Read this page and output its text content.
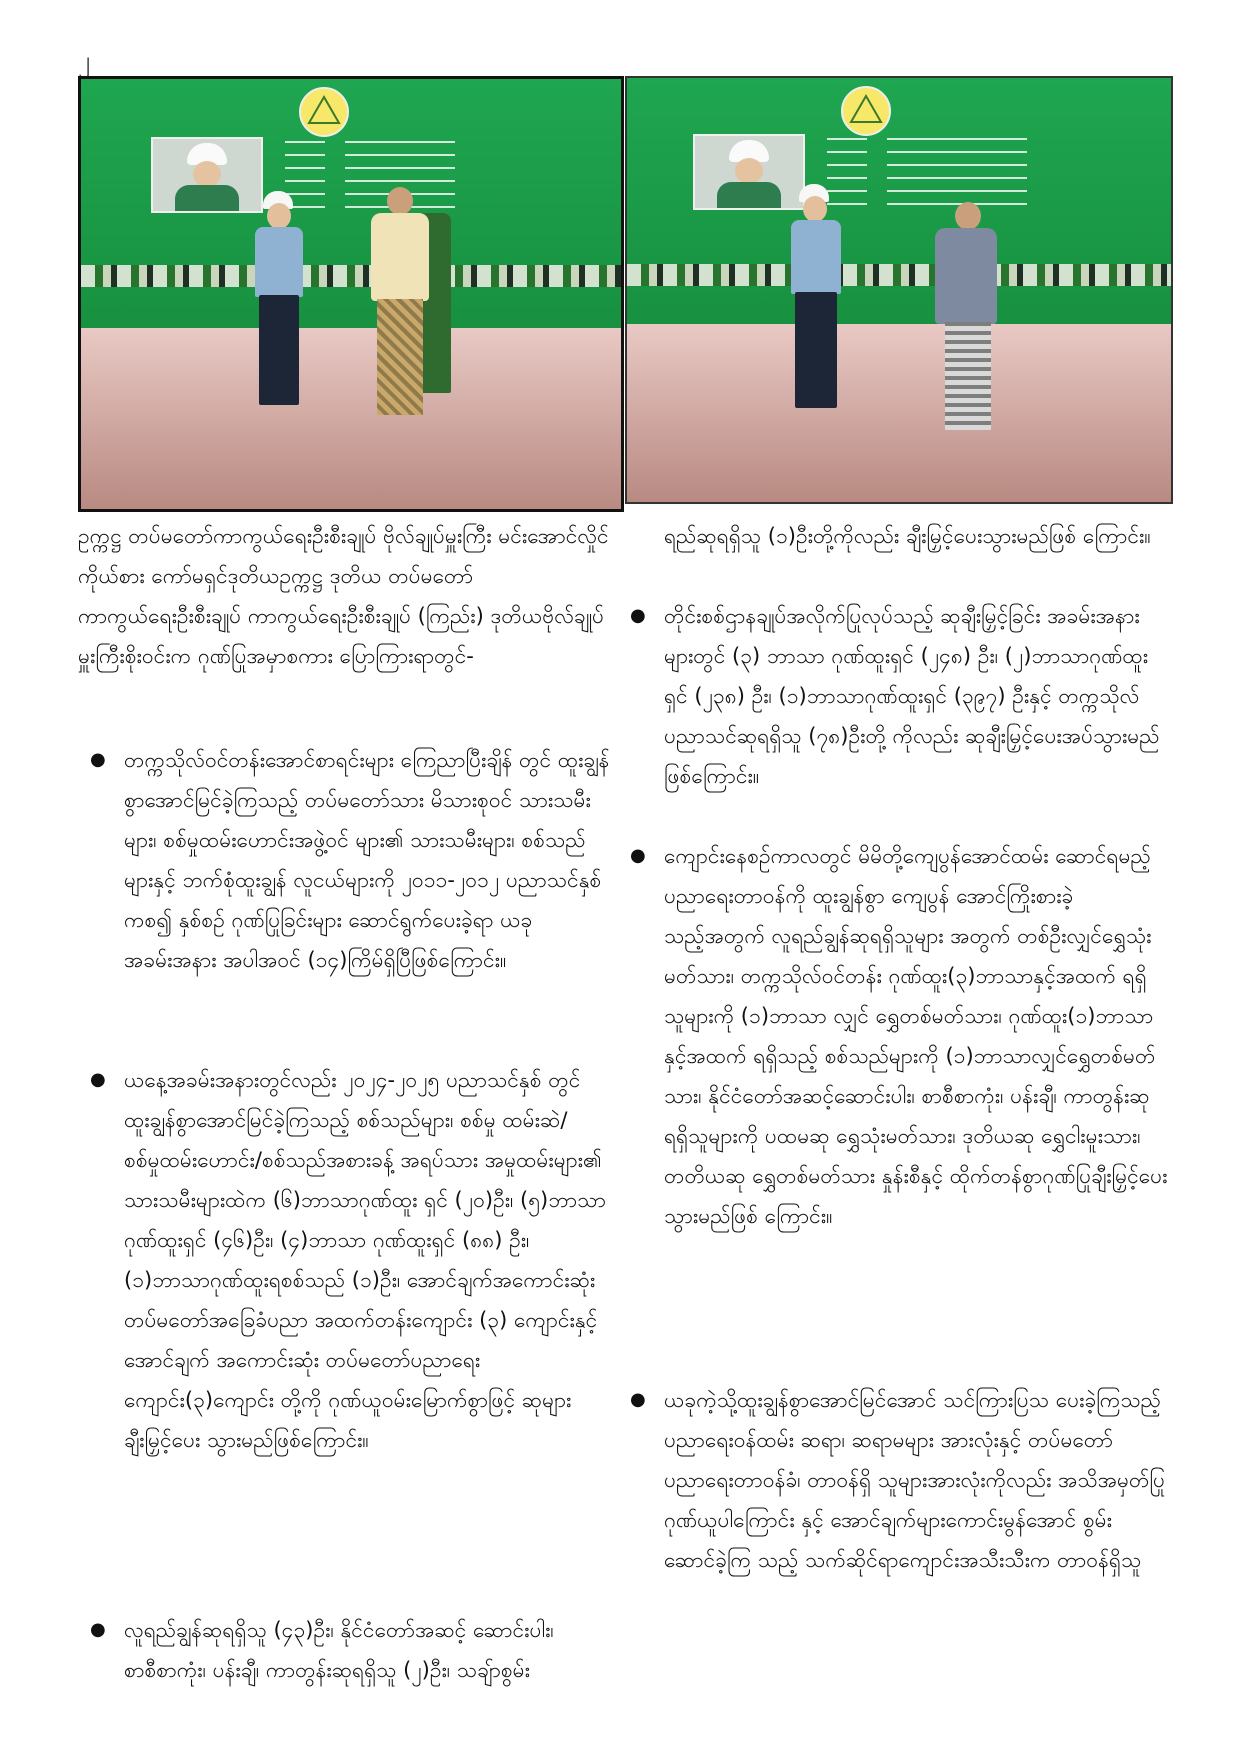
၂

ဥက္ကဋ္ဌ တပ်မတော်ကာကွယ်ရေးဦးစီးချုပ် ဗိုလ်ချုပ်မှူးကြီး မင်းအောင်လှိုင်ကိုယ်စား ကော်မရှင်ဒုတိယဥက္ကဋ္ဌ ဒုတိယ တပ်မတော်ကာကွယ်ရေးဦးစီးချုပ် ကာကွယ်ရေးဦးစီးချုပ် (ကြည်း) ဒုတိယဗိုလ်ချုပ်မှူးကြီးစိုးဝင်းက ဂုဏ်ပြုအမှာစကား ပြောကြားရာတွင်-

● တက္ကသိုလ်ဝင်တန်းအောင်စာရင်းများ ကြေညာပြီးချိန် တွင် ထူးချွန်စွာအောင်မြင်ခဲ့ကြသည့် တပ်မတော်သား မိသားစုဝင် သားသမီးများ၊ စစ်မှုထမ်းဟောင်းအဖွဲ့ဝင် များ၏ သားသမီးများ၊ စစ်သည်များနှင့် ဘက်စုံထူးချွန် လူငယ်များကို ၂၀၁၁-၂၀၁၂ ပညာသင်နှစ်ကစ၍ နှစ်စဉ် ဂုဏ်ပြုခြင်းများ ဆောင်ရွက်ပေးခဲ့ရာ ယခုအခမ်းအနား အပါအဝင် (၁၄)ကြိမ်ရှိပြီဖြစ်ကြောင်း။
● ယနေ့အခမ်းအနားတွင်လည်း ၂၀၂၄-၂၀၂၅ ပညာသင်နှစ် တွင် ထူးချွန်စွာအောင်မြင်ခဲ့ကြသည့် စစ်သည်များ၊ စစ်မှု ထမ်းဆဲ/စစ်မှုထမ်းဟောင်း/စစ်သည်အစားခန့် အရပ်သား အမှုထမ်းများ၏ သားသမီးများထဲက (၆)ဘာသာဂုဏ်ထူး ရှင် (၂၀)ဦး၊ (၅)ဘာသာဂုဏ်ထူးရှင် (၄၆)ဦး၊ (၄)ဘာသာ ဂုဏ်ထူးရှင် (၈၈) ဦး၊ (၁)ဘာသာဂုဏ်ထူးရစစ်သည် (၁)ဦး၊ အောင်ချက်အကောင်းဆုံး တပ်မတော်အခြေခံပညာ အထက်တန်းကျောင်း (၃) ကျောင်းနှင့် အောင်ချက် အကောင်းဆုံး တပ်မတော်ပညာရေးကျောင်း(၃)ကျောင်း တို့ကို ဂုဏ်ယူဝမ်းမြောက်စွာဖြင့် ဆုများချီးမြှင့်ပေး သွားမည်ဖြစ်ကြောင်း။
● လူရည်ချွန်ဆုရရှိသူ (၄၃)ဦး၊ နိုင်ငံတော်အဆင့် ဆောင်းပါး၊ စာစီစာကုံး၊ ပန်းချီ၊ ကာတွန်းဆုရရှိသူ (၂)ဦး၊ သချ်ာစွမ်း

ရည်ဆုရရှိသူ (၁)ဦးတို့ကိုလည်း ချီးမြှင့်ပေးသွားမည်ဖြစ် ကြောင်း။

● တိုင်းစစ်ဌာနချုပ်အလိုက်ပြုလုပ်သည့် ဆုချီးမြှင့်ခြင်း အခမ်းအနားများတွင် (၃) ဘာသာ ဂုဏ်ထူးရှင် (၂၄၈) ဦး၊ (၂)ဘာသာဂုဏ်ထူးရှင် (၂၃၈) ဦး၊ (၁)ဘာသာဂုဏ်ထူးရှင် (၃၉၇) ဦးနှင့် တက္ကသိုလ်ပညာသင်ဆုရရှိသူ (၇၈)ဦးတို့ ကိုလည်း ဆုချီးမြှင့်ပေးအပ်သွားမည်ဖြစ်ကြောင်း။
● ကျောင်းနေစဉ်ကာလတွင် မိမိတို့ကျေပွန်အောင်ထမ်း ဆောင်ရမည့် ပညာရေးတာဝန်ကို ထူးချွန်စွာ ကျေပွန် အောင်ကြိုးစားခဲ့သည့်အတွက် လူရည်ချွန်ဆုရရှိသူများ အတွက် တစ်ဦးလျှင်ရွှေသုံးမတ်သား၊ တက္ကသိုလ်ဝင်တန်း ဂုဏ်ထူး(၃)ဘာသာနှင့်အထက် ရရှိသူများကို (၁)ဘာသာ လျှင် ရွှေတစ်မတ်သား၊ ဂုဏ်ထူး(၁)ဘာသာနှင့်အထက် ရရှိသည့် စစ်သည်များကို (၁)ဘာသာလျှင်ရွှေတစ်မတ် သား၊ နိုင်ငံတော်အဆင့်ဆောင်းပါး၊ စာစီစာကုံး၊ ပန်းချီ၊ ကာတွန်းဆုရရှိသူများကို ပထမဆု ရွှေသုံးမတ်သား၊ ဒုတိယဆု ရွှေငါးမူးသား၊ တတိယဆု ရွှေတစ်မတ်သား နှုန်းစီနှင့် ထိုက်တန်စွာဂုဏ်ပြုချီးမြှင့်ပေးသွားမည်ဖြစ် ကြောင်း။
● ယခုကဲ့သို့ထူးချွန်စွာအောင်မြင်အောင် သင်ကြားပြသ ပေးခဲ့ကြသည့် ပညာရေးဝန်ထမ်း ဆရာ၊ ဆရာမများ အားလုံးနှင့် တပ်မတော်ပညာရေးတာဝန်ခံ၊ တာဝန်ရှိ သူများအားလုံးကိုလည်း အသိအမှတ်ပြုဂုဏ်ယူပါကြောင်း နှင့် အောင်ချက်များကောင်းမွန်အောင် စွမ်းဆောင်ခဲ့ကြ သည့် သက်ဆိုင်ရာကျောင်းအသီးသီးက တာဝန်ရှိသူ
